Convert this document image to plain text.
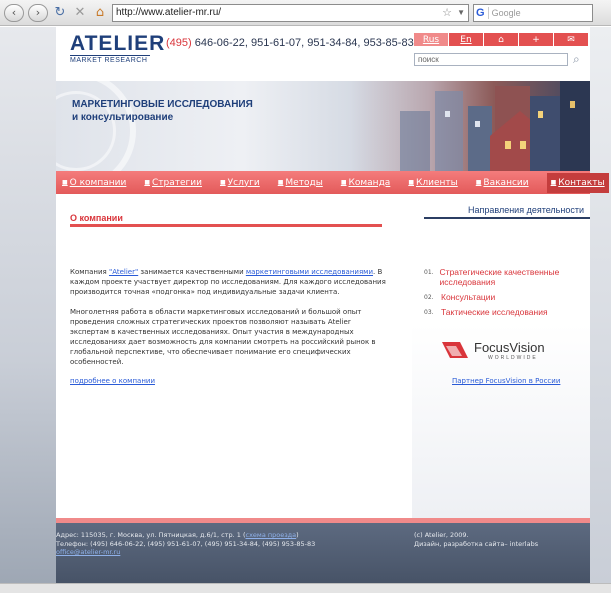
‹	›	↻ ✕ ⌂	http://www.atelier-mr.ru/	☆ ▼ G Google
ATELIER
MARKET RESEARCH
(495) 646-06-22, 951-61-07, 951-34-84, 953-85-83	Rus	En	⌂	+	✉
поиск	⌕
МАРКЕТИНГОВЫЕ ИССЛЕДОВАНИЯ
и консультирование
■ О компании	■ Стратегии	■ Услуги	■ Методы	■ Команда	■ Клиенты	■ Вакансии	■ Контакты
О компании
Компания "Atelier" занимается качественными маркетинговыми исследованиями. В каждом проекте участвует директор по исследованиям. Для каждого исследования производится точная «подгонка» под индивидуальные задачи клиента.
Многолетняя работа в области маркетинговых исследований и большой опыт проведения сложных стратегических проектов позволяют называть Atelier экспертам в качественных исследованиях. Опыт участия в международных исследованиях дает возможность для компании смотреть на российский рынок в глобальной перспективе, что обеспечивает понимание его специфических особенностей.
подробнее о компании
Направления деятельности
01. Стратегические качественные исследования
02. Консультации
03. Тактические исследования
FocusVision
WORLDWIDE
Партнер FocusVision в России
Адрес: 115035, г. Москва, ул. Пятницкая, д.6/1, стр. 1 (схема проезда)
Телефон: (495) 646-06-22, (495) 951-61-07, (495) 951-34-84, (495) 953-85-83
office@atelier-mr.ru
(с) Atelier, 2009.
Дизайн, разработка сайта– interlabs
